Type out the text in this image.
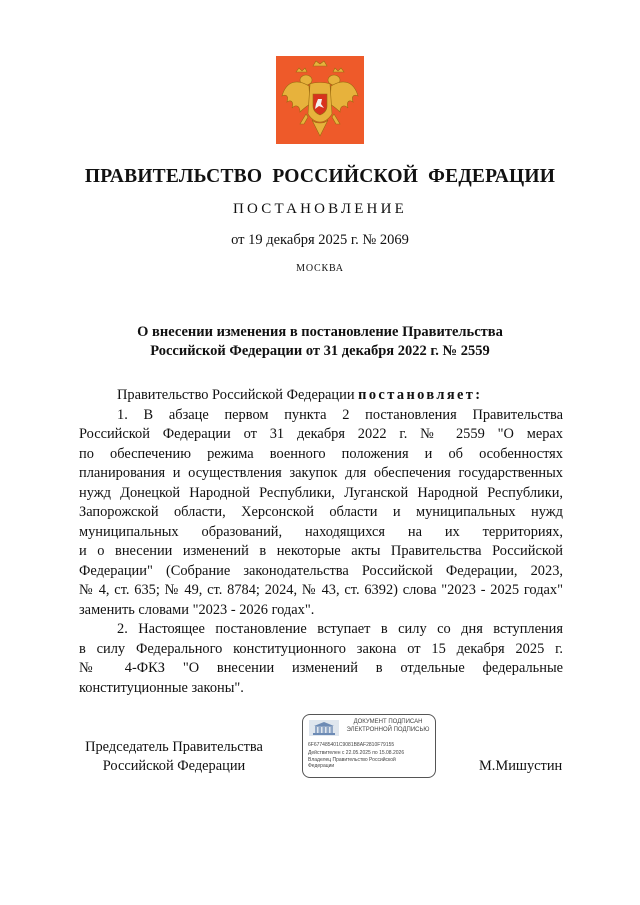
ПРАВИТЕЛЬСТВО РОССИЙСКОЙ ФЕДЕРАЦИИ
ПОСТАНОВЛЕНИЕ
от 19 декабря 2025 г. № 2069
МОСКВА
О внесении изменения в постановление Правительства
Российской Федерации от 31 декабря 2022 г. № 2559
Правительство Российской Федерации постановляет:
1. В абзаце первом пункта 2 постановления Правительства
Российской Федерации от 31 декабря 2022 г. № 2559 "О мерах
по обеспечению режима военного положения и об особенностях
планирования и осуществления закупок для обеспечения государственных
нужд Донецкой Народной Республики, Луганской Народной Республики,
Запорожской области, Херсонской области и муниципальных нужд
муниципальных образований, находящихся на их территориях,
и о внесении изменений в некоторые акты Правительства Российской
Федерации" (Собрание законодательства Российской Федерации, 2023,
№ 4, ст. 635; № 49, ст. 8784; 2024, № 43, ст. 6392) слова "2023 - 2025 годах"
заменить словами "2023 - 2026 годах".
2. Настоящее постановление вступает в силу со дня вступления
в силу Федерального конституционного закона от 15 декабря 2025 г.
№ 4-ФКЗ "О внесении изменений в отдельные федеральные
конституционные законы".
Председатель Правительства
Российской Федерации
ДОКУМЕНТ ПОДПИСАН
ЭЛЕКТРОННОЙ ПОДПИСЬЮ
6F677485401C9081B8AF2810F79155
Действителен с 22.05.2025 по 15.08.2026
Владелец Правительство Российской
Федерации	М.Мишустин
